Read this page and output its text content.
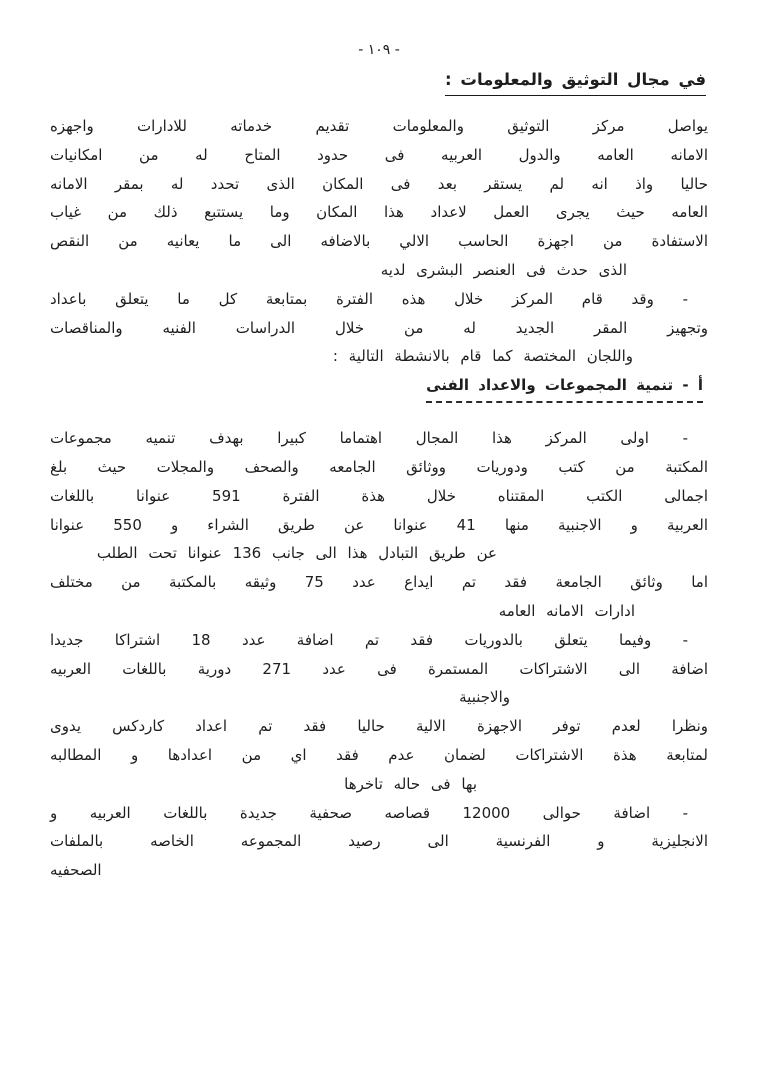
- ١٠٩ -
في مجال التوثيق والمعلومات :
يواصل مركز التوثيق والمعلومات تقديم خدماته للادارات واجهزه
الامانه العامه والدول العربيه فى حدود المتاح له من امكانيات
حاليا واذ انه لم يستقر بعد فى المكان الذى تحدد له بمقر الامانه
العامه حيث يجرى العمل لاعداد هذا المكان وما يستتبع ذلك من غياب
الاستفادة من اجهزة الحاسب الالي بالاضافه الى ما يعانيه من النقص
الذى حدث فى العنصر البشرى لديه
- وقد قام المركز خلال هذه الفترة بمتابعة كل ما يتعلق باعداد
وتجهيز المقر الجديد له من خلال الدراسات الفنيه والمناقصات
واللجان المختصة كما قام بالانشطة التالية :
أ - تنمية المجموعات والاعداد الفنى
- اولى المركز هذا المجال اهتماما كبيرا بهدف تنميه مجموعات
المكتبة من كتب ودوريات ووثائق الجامعه والصحف والمجلات حيث بلغ
اجمالى الكتب المقتناه خلال هذة الفترة 591 عنوانا باللغات
العربية و الاجنبية منها 41 عنوانا عن طريق الشراء و 550 عنوانا
عن طريق التبادل هذا الى جانب 136 عنوانا تحت الطلب
اما وثائق الجامعة فقد تم ايداع عدد 75 وثيقه بالمكتبة من مختلف
ادارات الامانه العامه
- وفيما يتعلق بالدوريات فقد تم اضافة عدد 18 اشتراكا جديدا
اضافة الى الاشتراكات المستمرة فى عدد 271 دورية باللغات العربيه
والاجنبية
ونظرا لعدم توفر الاجهزة الالية حاليا فقد تم اعداد كاردكس يدوى
لمتابعة هذة الاشتراكات لضمان عدم فقد اي من اعدادها و المطالبه
بها فى حاله تاخرها
- اضافة حوالى 12000 قصاصه صحفية جديدة باللغات العربيه و
الانجليزية و الفرنسية الى رصيد المجموعه الخاصه بالملفات
الصحفيه
